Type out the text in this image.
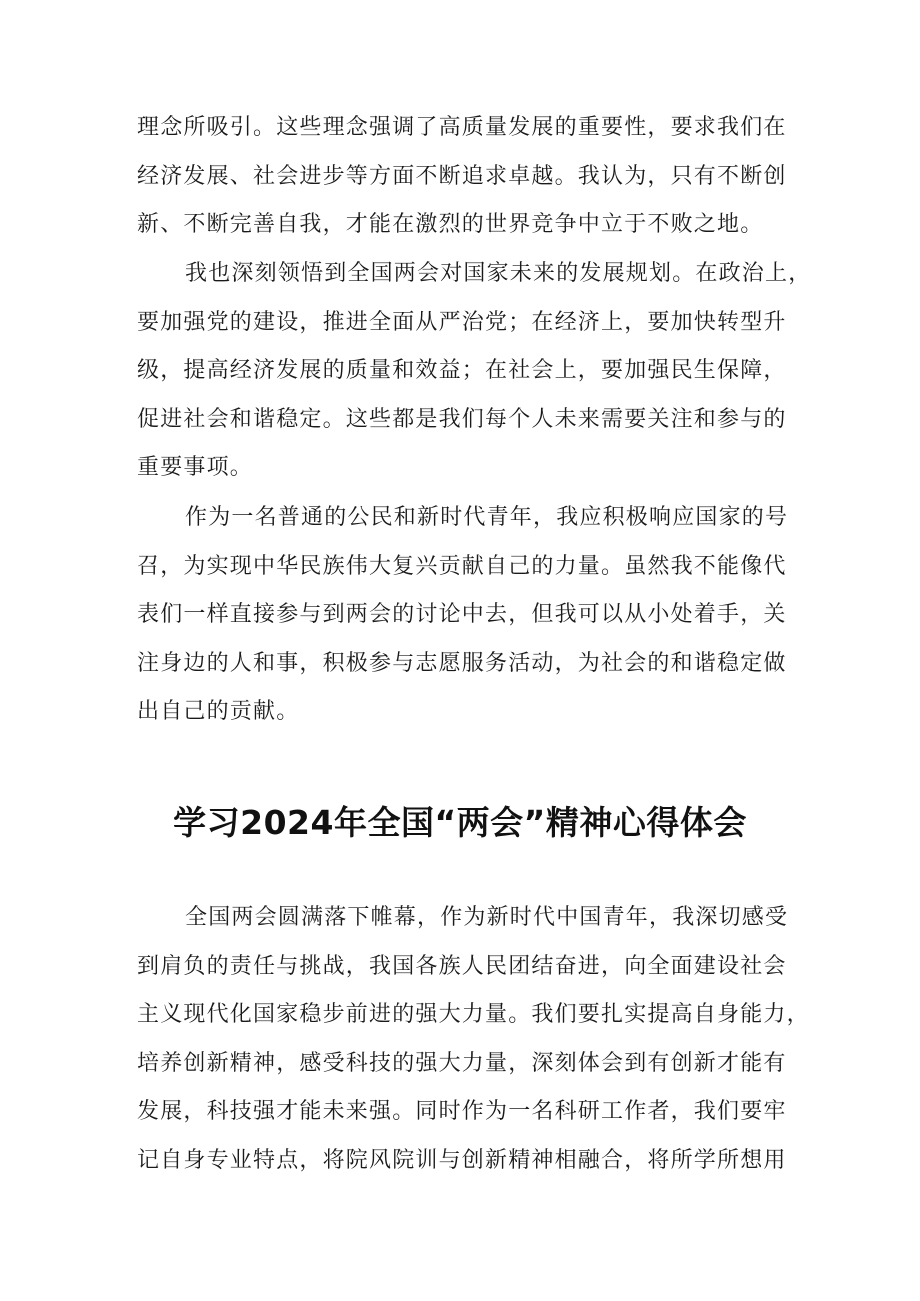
理念所吸引。这些理念强调了高质量发展的重要性，要求我们在
经济发展、社会进步等方面不断追求卓越。我认为，只有不断创
新、不断完善自我，才能在激烈的世界竞争中立于不败之地。
我也深刻领悟到全国两会对国家未来的发展规划。在政治上，
要加强党的建设，推进全面从严治党；在经济上，要加快转型升
级，提高经济发展的质量和效益；在社会上，要加强民生保障，
促进社会和谐稳定。这些都是我们每个人未来需要关注和参与的
重要事项。
作为一名普通的公民和新时代青年，我应积极响应国家的号
召，为实现中华民族伟大复兴贡献自己的力量。虽然我不能像代
表们一样直接参与到两会的讨论中去，但我可以从小处着手，关
注身边的人和事，积极参与志愿服务活动，为社会的和谐稳定做
出自己的贡献。
学习2024年全国“两会”精神心得体会
全国两会圆满落下帷幕，作为新时代中国青年，我深切感受
到肩负的责任与挑战，我国各族人民团结奋进，向全面建设社会
主义现代化国家稳步前进的强大力量。我们要扎实提高自身能力，
培养创新精神，感受科技的强大力量，深刻体会到有创新才能有
发展，科技强才能未来强。同时作为一名科研工作者，我们要牢
记自身专业特点，将院风院训与创新精神相融合，将所学所想用
